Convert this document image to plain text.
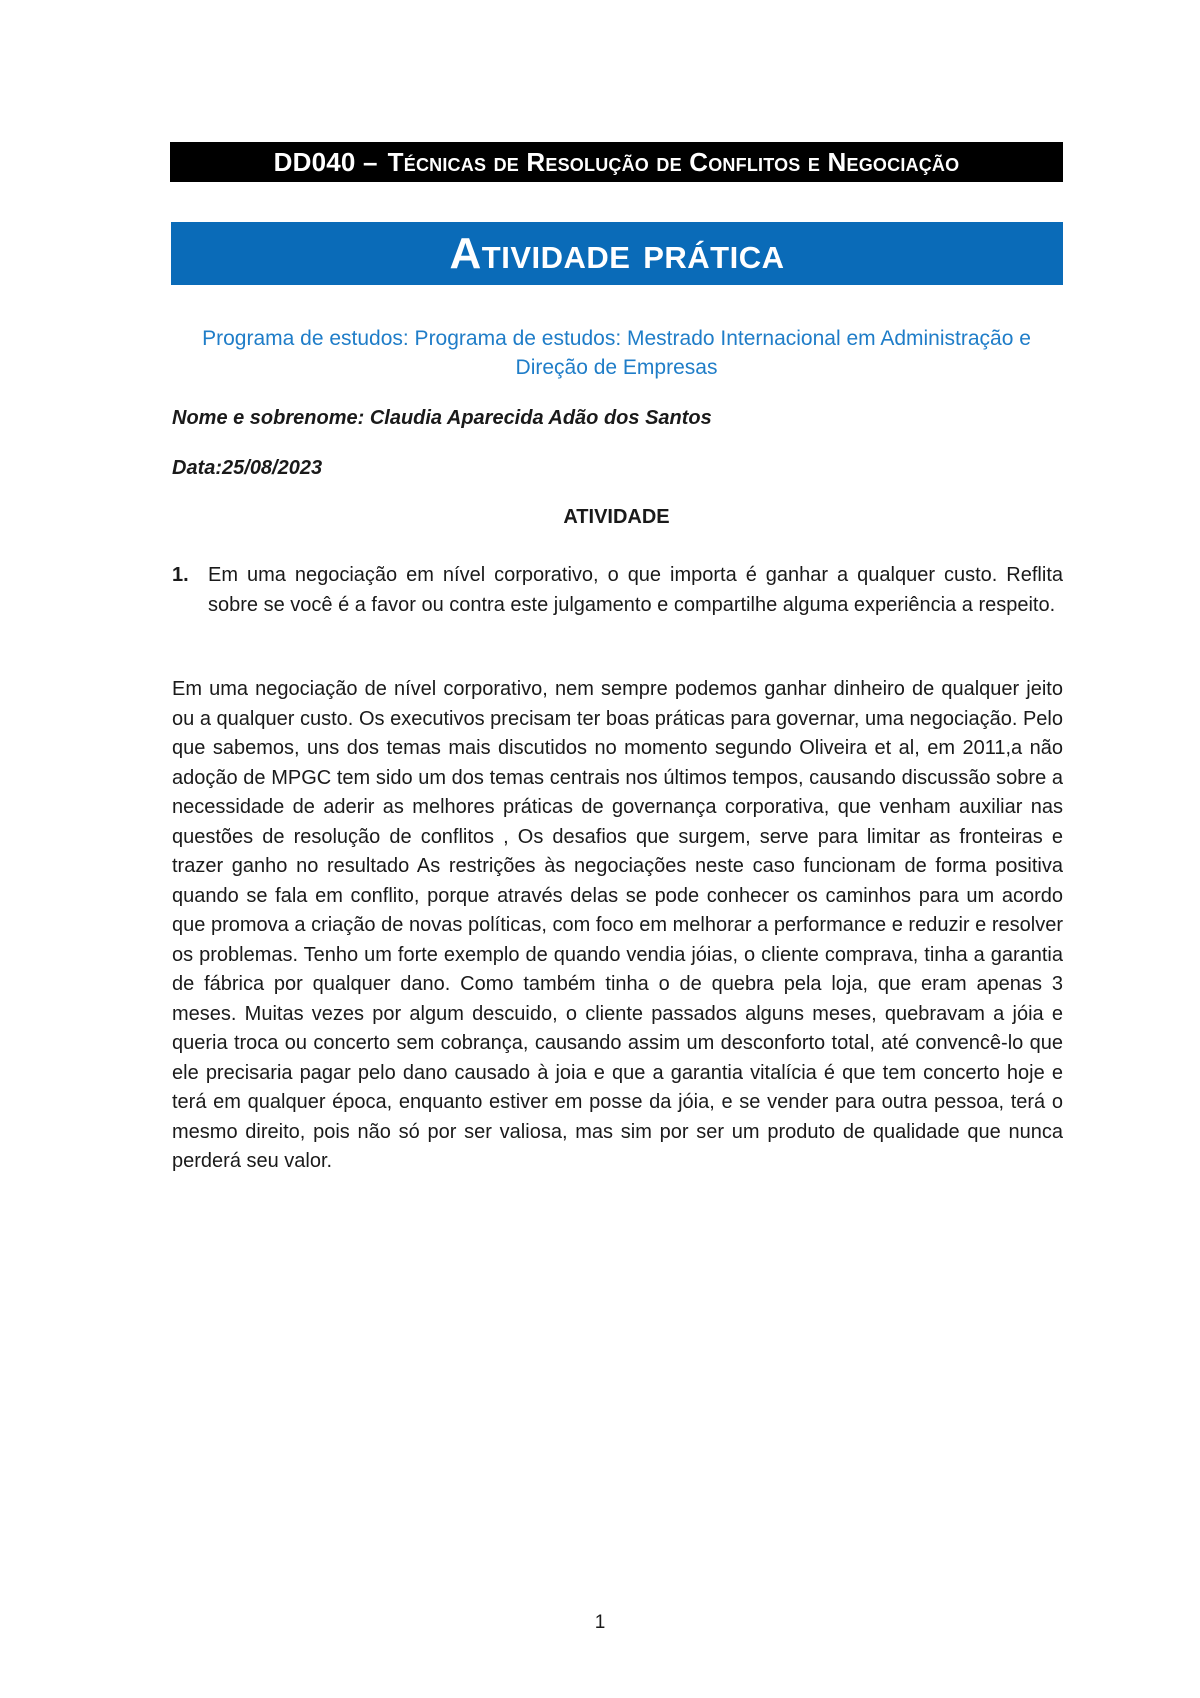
DD040 – Técnicas de Resolução de Conflitos e Negociação
Atividade prática
Programa de estudos: Programa de estudos: Mestrado Internacional em Administração e Direção de Empresas
Nome e sobrenome: Claudia Aparecida Adão dos Santos
Data:25/08/2023
ATIVIDADE
1. Em uma negociação em nível corporativo, o que importa é ganhar a qualquer custo. Reflita sobre se você é a favor ou contra este julgamento e compartilhe alguma experiência a respeito.
Em uma negociação de nível corporativo, nem sempre podemos ganhar dinheiro de qualquer jeito ou a qualquer custo. Os executivos precisam ter boas práticas para governar, uma negociação. Pelo que sabemos, uns dos temas mais discutidos no momento segundo Oliveira et al, em 2011,a não adoção de MPGC tem sido um dos temas centrais nos últimos tempos, causando discussão sobre a necessidade de aderir as melhores práticas de governança corporativa, que venham auxiliar nas questões de resolução de conflitos , Os desafios que surgem, serve para limitar as fronteiras e trazer ganho no resultado As restrições às negociações neste caso funcionam de forma positiva quando se fala em conflito, porque através delas se pode conhecer os caminhos para um acordo que promova a criação de novas políticas, com foco em melhorar a performance e reduzir e resolver os problemas. Tenho um forte exemplo de quando vendia jóias, o cliente comprava, tinha a garantia de fábrica por qualquer dano. Como também tinha o de quebra pela loja, que eram apenas 3 meses. Muitas vezes por algum descuido, o cliente passados alguns meses, quebravam a jóia e queria troca ou concerto sem cobrança, causando assim um desconforto total, até convencê-lo que ele precisaria pagar pelo dano causado à joia e que a garantia vitalícia é que tem concerto hoje e terá em qualquer época, enquanto estiver em posse da jóia, e se vender para outra pessoa, terá o mesmo direito, pois não só por ser valiosa, mas sim por ser um produto de qualidade que nunca perderá seu valor.
1
